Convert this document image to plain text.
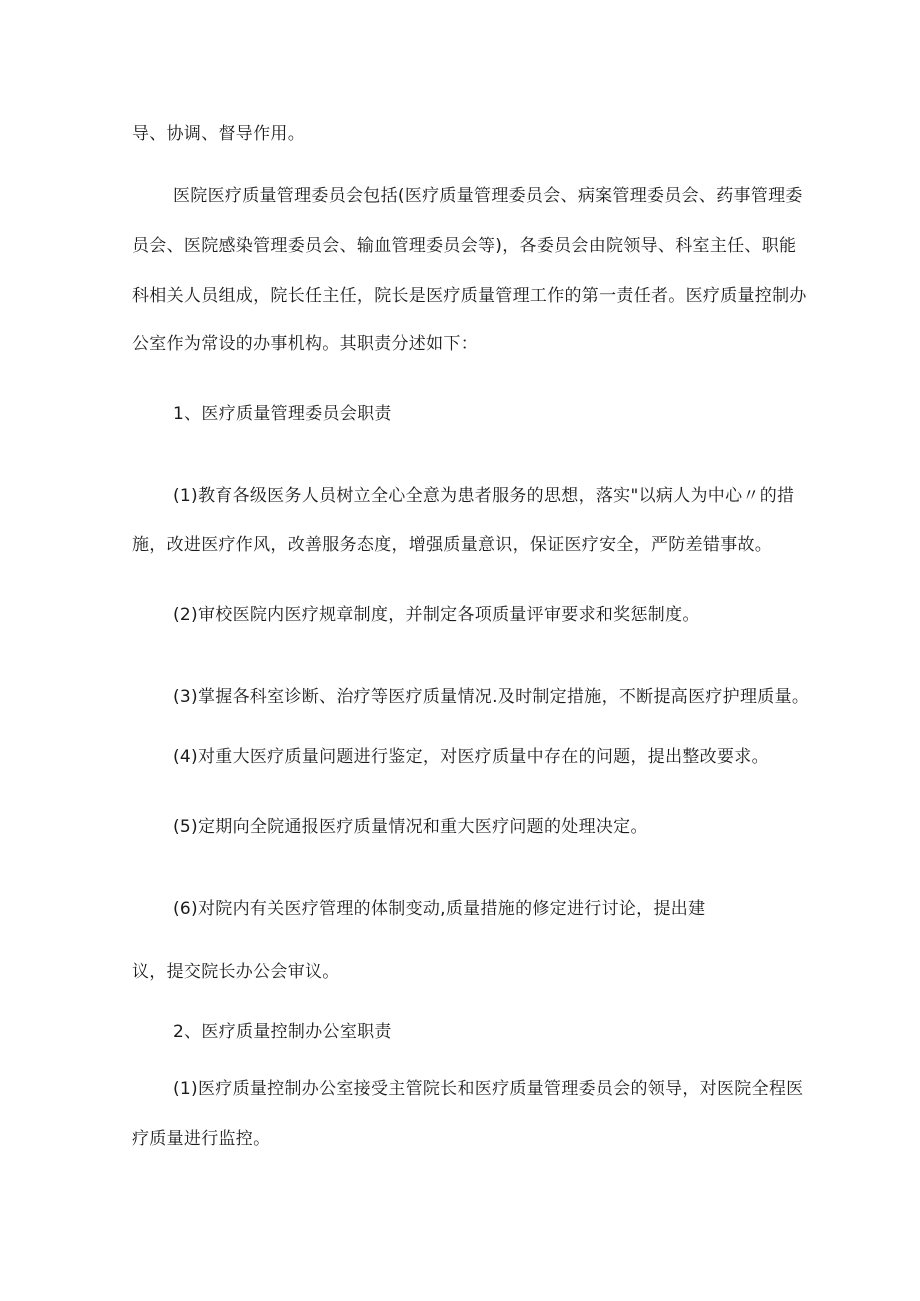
导、协调、督导作用。

医院医疗质量管理委员会包括(医疗质量管理委员会、病案管理委员会、药事管理委

员会、医院感染管理委员会、输血管理委员会等)，各委员会由院领导、科室主任、职能

科相关人员组成，院长任主任，院长是医疗质量管理工作的第一责任者。医疗质量控制办

公室作为常设的办事机构。其职责分述如下：

1、医疗质量管理委员会职责

(1)教育各级医务人员树立全心全意为患者服务的思想，落实"以病人为中心〃的措

施，改进医疗作风，改善服务态度，增强质量意识，保证医疗安全，严防差错事故。

(2)审校医院内医疗规章制度，并制定各项质量评审要求和奖惩制度。

(3)掌握各科室诊断、治疗等医疗质量情况.及时制定措施，不断提高医疗护理质量。

(4)对重大医疗质量问题进行鉴定，对医疗质量中存在的问题，提出整改要求。

(5)定期向全院通报医疗质量情况和重大医疗问题的处理决定。

(6)对院内有关医疗管理的体制变动,质量措施的修定进行讨论，提出建

议，提交院长办公会审议。

2、医疗质量控制办公室职责

(1)医疗质量控制办公室接受主管院长和医疗质量管理委员会的领导，对医院全程医

疗质量进行监控。
